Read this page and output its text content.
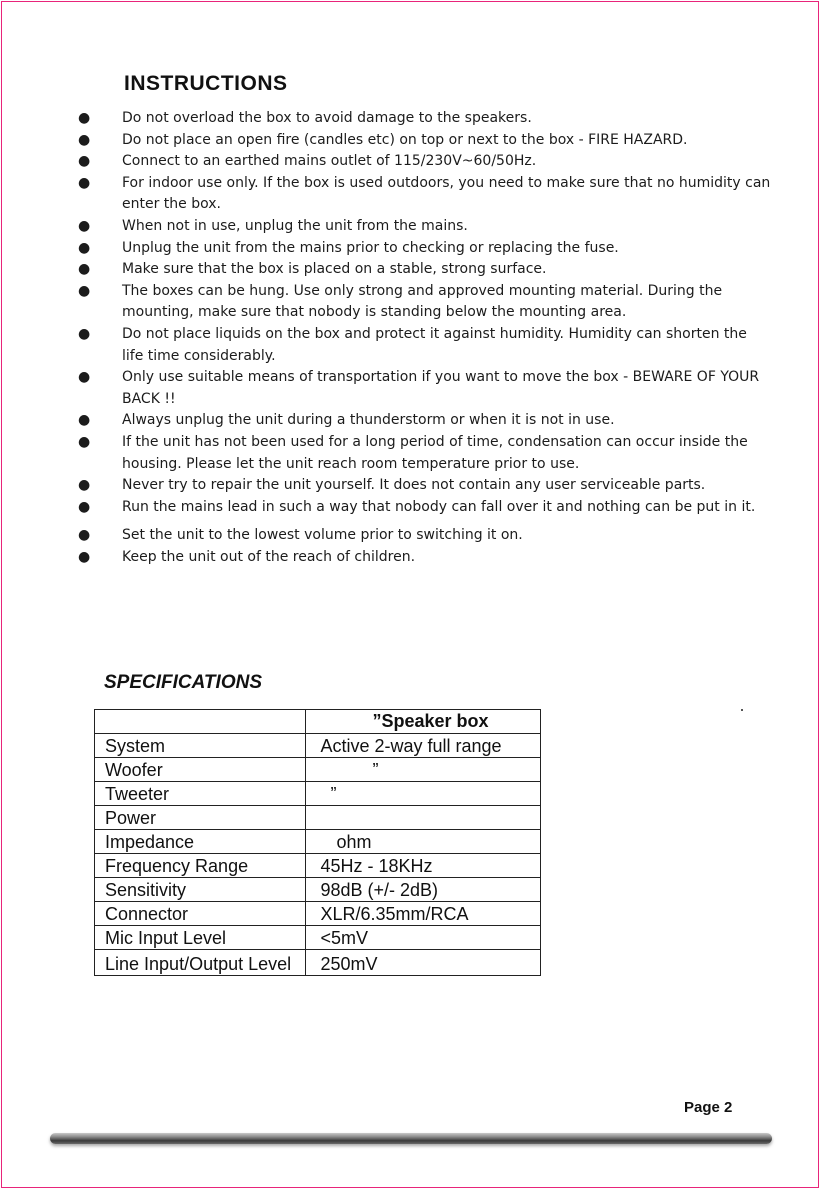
INSTRUCTIONS
● Do not overload the box to avoid damage to the speakers.
● Do not place an open fire (candles etc) on top or next to the box - FIRE HAZARD.
● Connect to an earthed mains outlet of 115/230V~60/50Hz.
● For indoor use only. If the box is used outdoors, you need to make sure that no humidity can enter the box.
● When not in use, unplug the unit from the mains.
● Unplug the unit from the mains prior to checking or replacing the fuse.
● Make sure that the box is placed on a stable, strong surface.
● The boxes can be hung. Use only strong and approved mounting material. During the mounting, make sure that nobody is standing below the mounting area.
● Do not place liquids on the box and protect it against humidity. Humidity can shorten the life time considerably.
● Only use suitable means of transportation if you want to move the box - BEWARE OF YOUR BACK !!
● Always unplug the unit during a thunderstorm or when it is not in use.
● If the unit has not been used for a long period of time, condensation can occur inside the housing. Please let the unit reach room temperature prior to use.
● Never try to repair the unit yourself. It does not contain any user serviceable parts.
● Run the mains lead in such a way that nobody can fall over it and nothing can be put in it.
● Set the unit to the lowest volume prior to switching it on.
● Keep the unit out of the reach of children.
SPECIFICATIONS
	”Speaker box
System	Active 2-way full range
Woofer	”
Tweeter	”
Power	
Impedance	ohm
Frequency Range	45Hz - 18KHz
Sensitivity	98dB (+/- 2dB)
Connector	XLR/6.35mm/RCA
Mic Input Level	<5mV
Line Input/Output Level	250mV
Page 2
